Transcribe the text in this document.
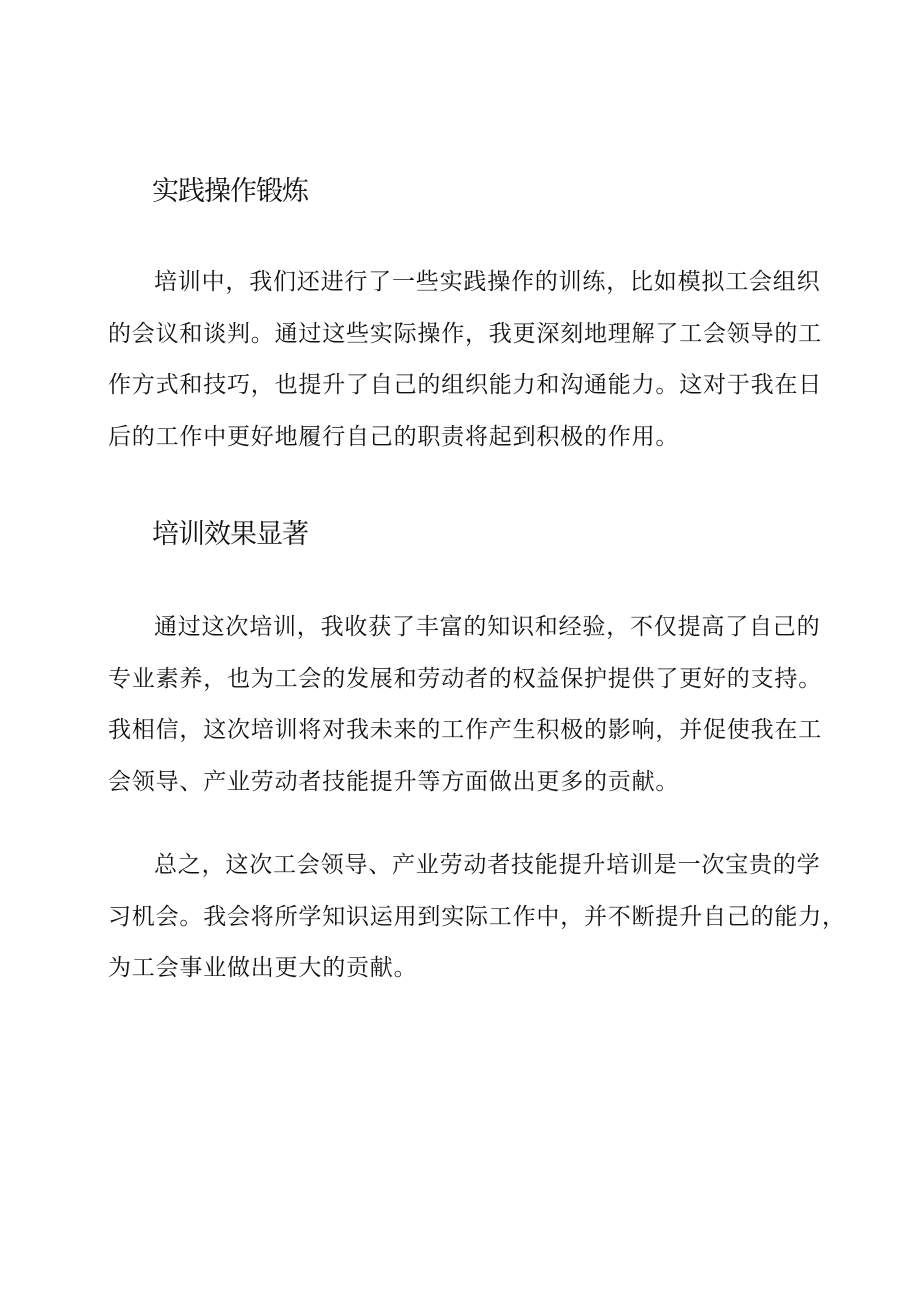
实践操作锻炼

培训中，我们还进行了一些实践操作的训练，比如模拟工会组织
的会议和谈判。通过这些实际操作，我更深刻地理解了工会领导的工
作方式和技巧，也提升了自己的组织能力和沟通能力。这对于我在日
后的工作中更好地履行自己的职责将起到积极的作用。

培训效果显著

通过这次培训，我收获了丰富的知识和经验，不仅提高了自己的
专业素养，也为工会的发展和劳动者的权益保护提供了更好的支持。
我相信，这次培训将对我未来的工作产生积极的影响，并促使我在工
会领导、产业劳动者技能提升等方面做出更多的贡献。

总之，这次工会领导、产业劳动者技能提升培训是一次宝贵的学
习机会。我会将所学知识运用到实际工作中，并不断提升自己的能力，
为工会事业做出更大的贡献。
